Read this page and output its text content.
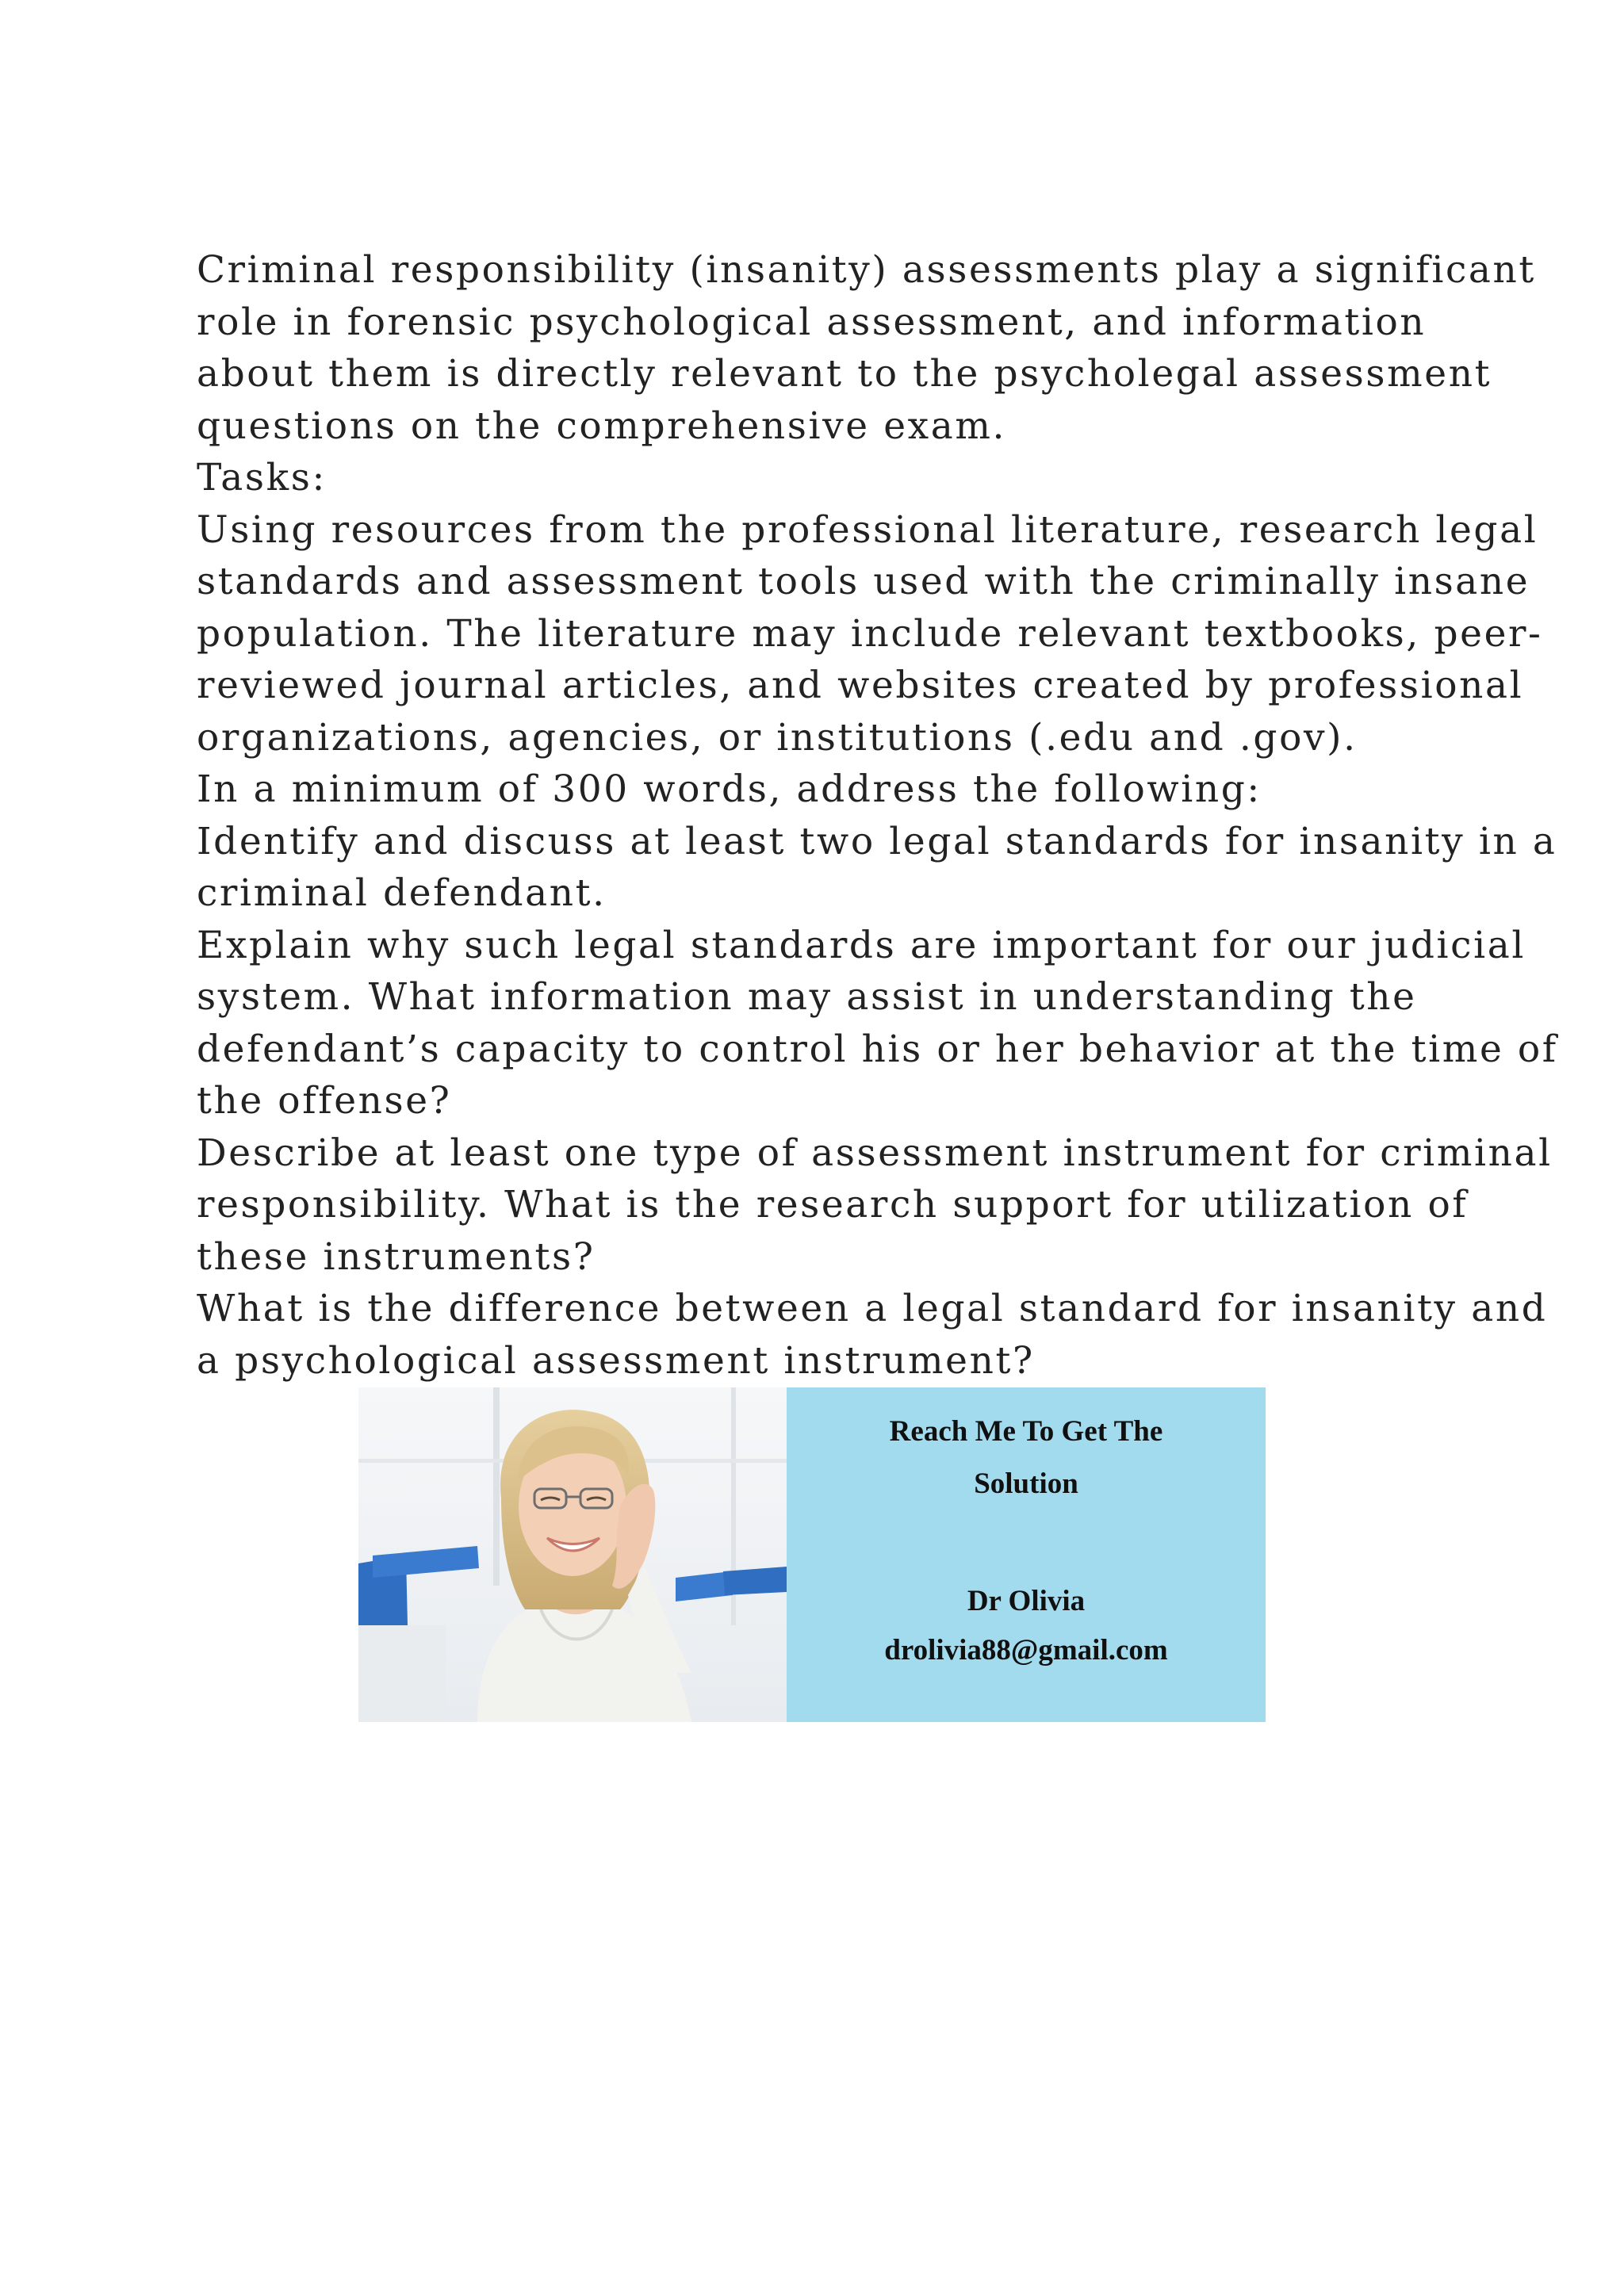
Criminal responsibility (insanity) assessments play a significant
role in forensic psychological assessment, and information
about them is directly relevant to the psycholegal assessment
questions on the comprehensive exam.
Tasks:
Using resources from the professional literature, research legal
standards and assessment tools used with the criminally insane
population. The literature may include relevant textbooks, peer-
reviewed journal articles, and websites created by professional
organizations, agencies, or institutions (.edu and .gov).
In a minimum of 300 words, address the following:
Identify and discuss at least two legal standards for insanity in a
criminal defendant.
Explain why such legal standards are important for our judicial
system. What information may assist in understanding the
defendant’s capacity to control his or her behavior at the time of
the offense?
Describe at least one type of assessment instrument for criminal
responsibility. What is the research support for utilization of
these instruments?
What is the difference between a legal standard for insanity and
a psychological assessment instrument?
Reach Me To Get The
Solution
Dr Olivia
drolivia88@gmail.com
